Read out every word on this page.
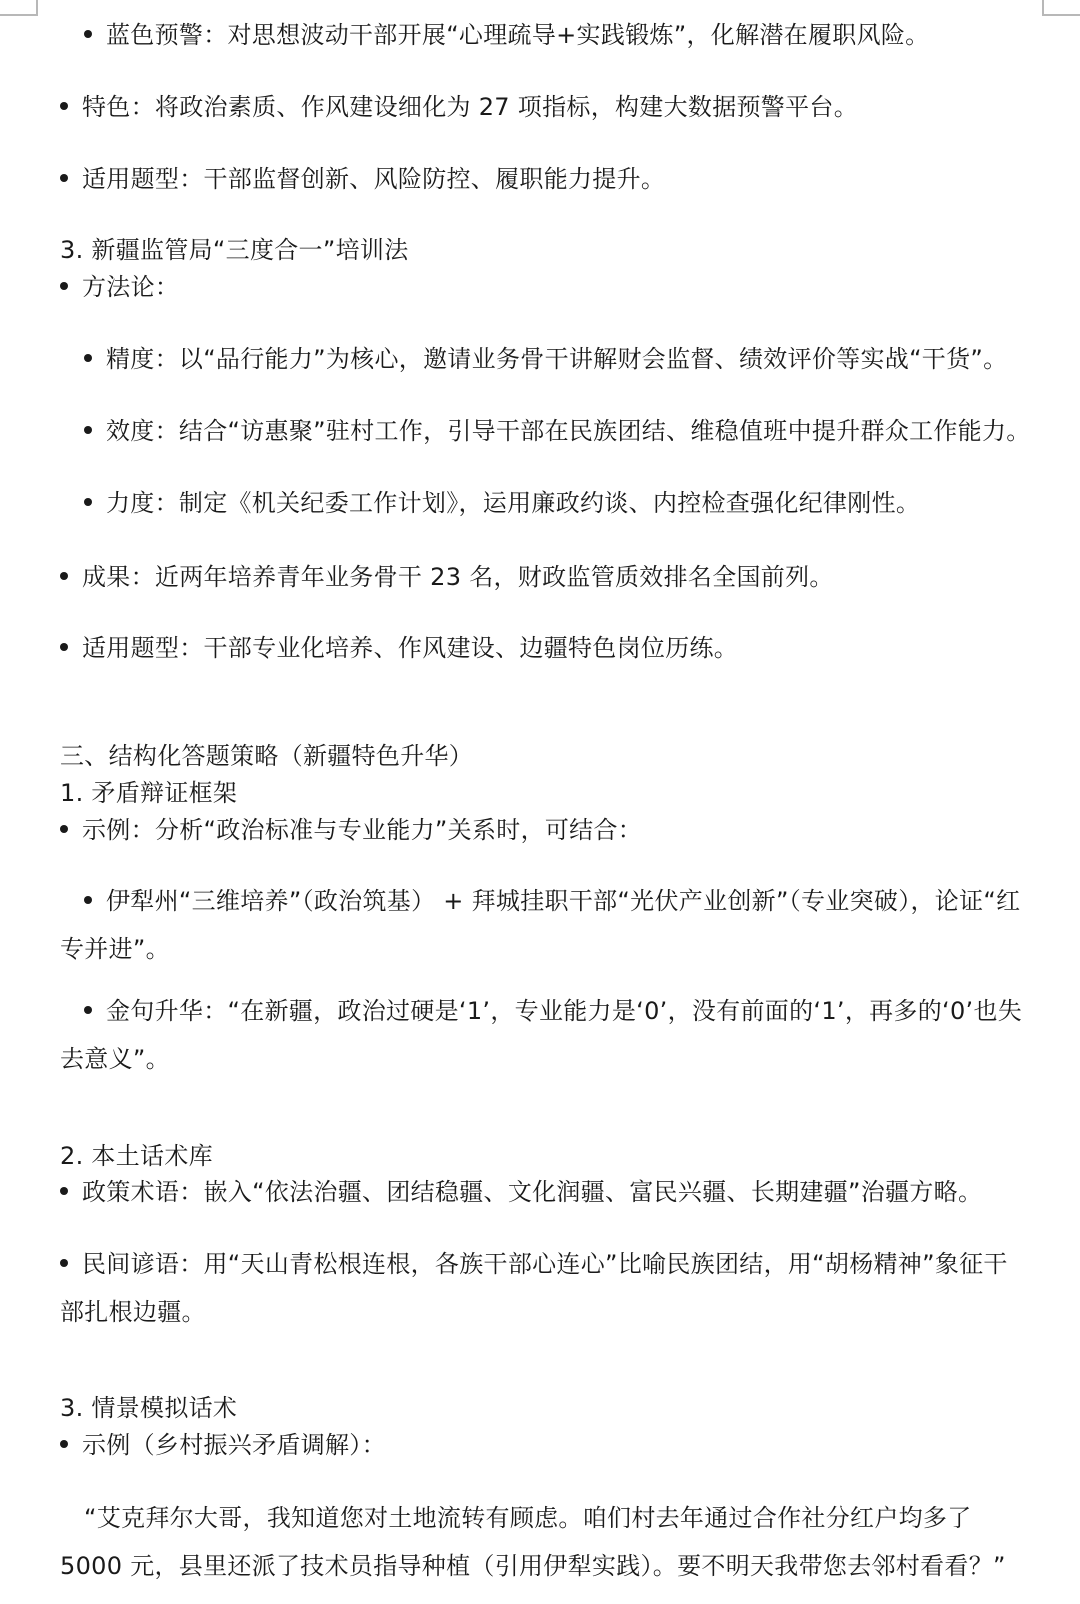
蓝色预警：对思想波动干部开展“心理疏导+实践锻炼”，化解潜在履职风险。
特色：将政治素质、作风建设细化为 27 项指标，构建大数据预警平台。
适用题型：干部监督创新、风险防控、履职能力提升。
3. 新疆监管局“三度合一”培训法
方法论：
精度：以“品行能力”为核心，邀请业务骨干讲解财会监督、绩效评价等实战“干货”。
效度：结合“访惠聚”驻村工作，引导干部在民族团结、维稳值班中提升群众工作能力。
力度：制定《机关纪委工作计划》，运用廉政约谈、内控检查强化纪律刚性。
成果：近两年培养青年业务骨干 23 名，财政监管质效排名全国前列。
适用题型：干部专业化培养、作风建设、边疆特色岗位历练。
三、结构化答题策略（新疆特色升华）
1. 矛盾辩证框架
示例：分析“政治标准与专业能力”关系时，可结合：
伊犁州“三维培养”（政治筑基） + 拜城挂职干部“光伏产业创新”（专业突破），论证“红专并进”。
金句升华：“在新疆，政治过硬是‘1’，专业能力是‘0’，没有前面的‘1’，再多的‘0’也失去意义”。
2. 本土话术库
政策术语：嵌入“依法治疆、团结稳疆、文化润疆、富民兴疆、长期建疆”治疆方略。
民间谚语：用“天山青松根连根，各族干部心连心”比喻民族团结，用“胡杨精神”象征干部扎根边疆。
3. 情景模拟话术
示例（乡村振兴矛盾调解）：
“艾克拜尔大哥，我知道您对土地流转有顾虑。咱们村去年通过合作社分红户均多了 5000 元，县里还派了技术员指导种植（引用伊犁实践）。要不明天我带您去邻村看看？”
